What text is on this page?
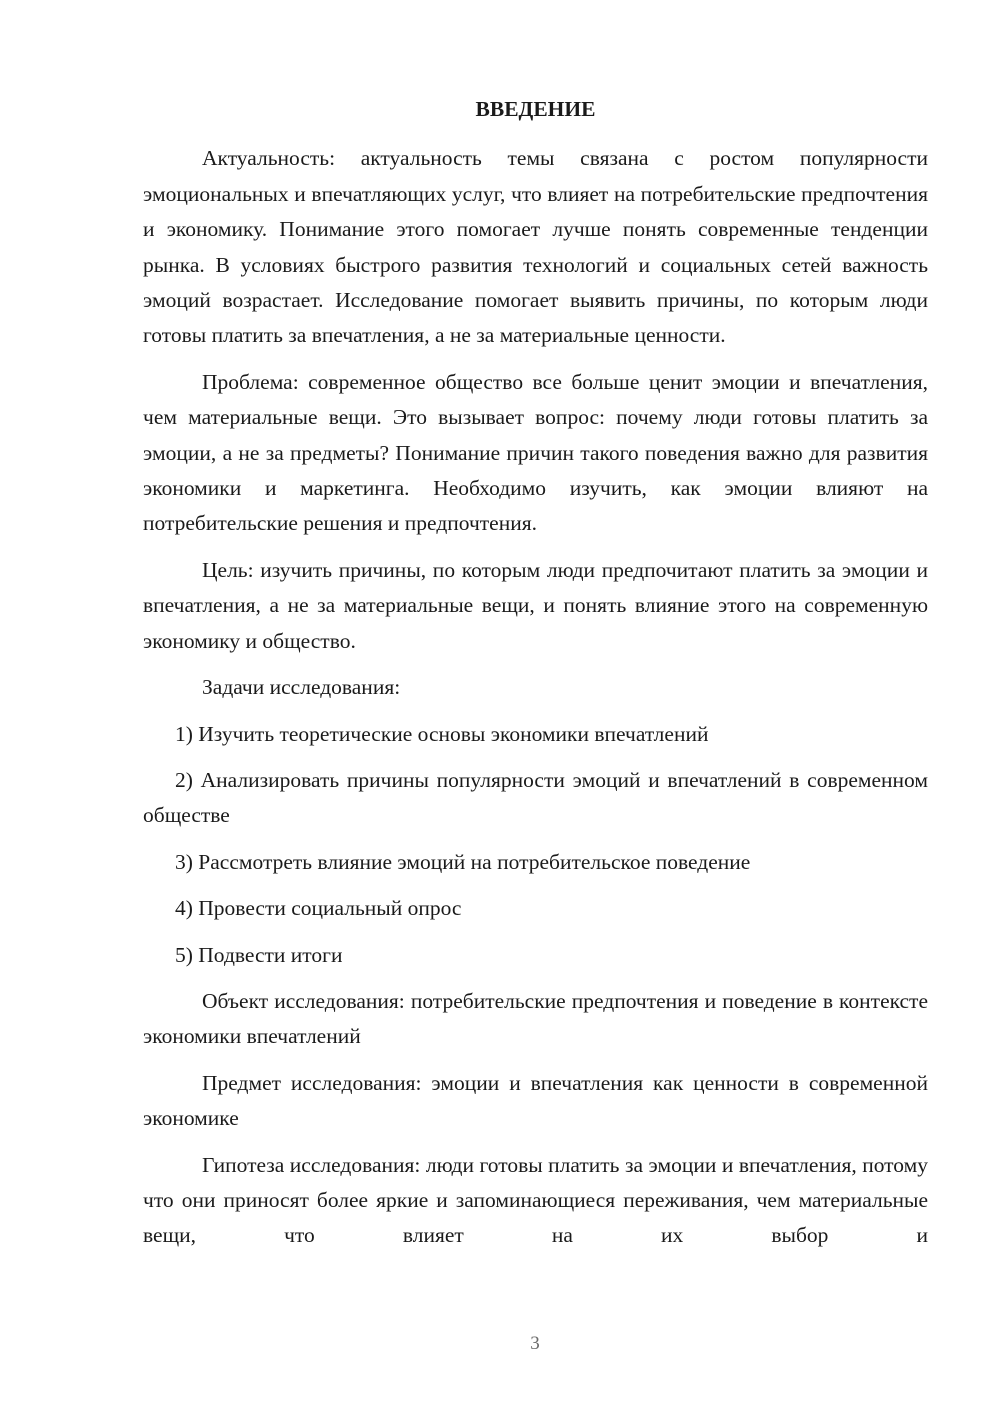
ВВЕДЕНИЕ

Актуальность: актуальность темы связана с ростом популярности эмоциональных и впечатляющих услуг, что влияет на потребительские предпочтения и экономику. Понимание этого помогает лучше понять современные тенденции рынка. В условиях быстрого развития технологий и социальных сетей важность эмоций возрастает. Исследование помогает выявить причины, по которым люди готовы платить за впечатления, а не за материальные ценности.

Проблема: современное общество все больше ценит эмоции и впечатления, чем материальные вещи. Это вызывает вопрос: почему люди готовы платить за эмоции, а не за предметы? Понимание причин такого поведения важно для развития экономики и маркетинга. Необходимо изучить, как эмоции влияют на потребительские решения и предпочтения.

Цель: изучить причины, по которым люди предпочитают платить за эмоции и впечатления, а не за материальные вещи, и понять влияние этого на современную экономику и общество.

Задачи исследования:

1) Изучить теоретические основы экономики впечатлений

2) Анализировать причины популярности эмоций и впечатлений в современном обществе

3) Рассмотреть влияние эмоций на потребительское поведение

4) Провести социальный опрос

5) Подвести итоги

Объект исследования: потребительские предпочтения и поведение в контексте экономики впечатлений

Предмет исследования: эмоции и впечатления как ценности в современной экономике

Гипотеза исследования: люди готовы платить за эмоции и впечатления, потому что они приносят более яркие и запоминающиеся переживания, чем материальные вещи, что влияет на их выбор и

3
